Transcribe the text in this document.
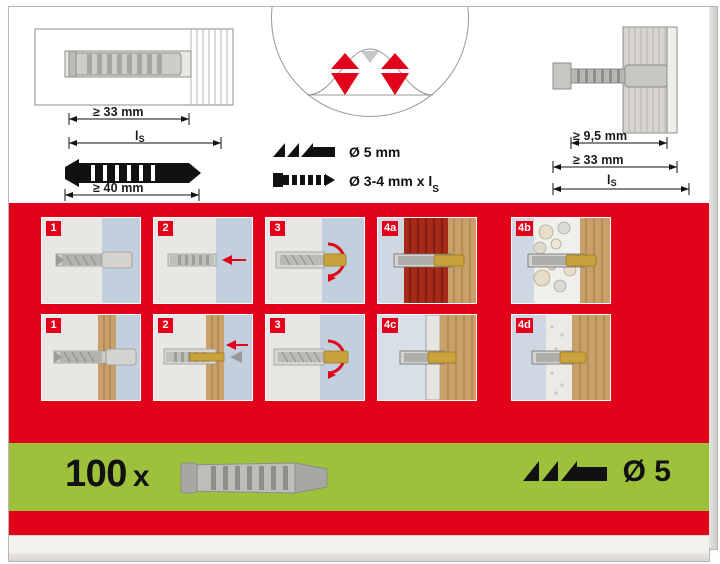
≥ 33 mm
$l_S$
≥ 40 mm
Ø 5 mm
Ø 3-4 mm x $l_S$
≥ 9,5 mm
≥ 33 mm
$l_S$
1	2	3	4a	4b
1	2	3	4c	4d
100 x	Ø 5
